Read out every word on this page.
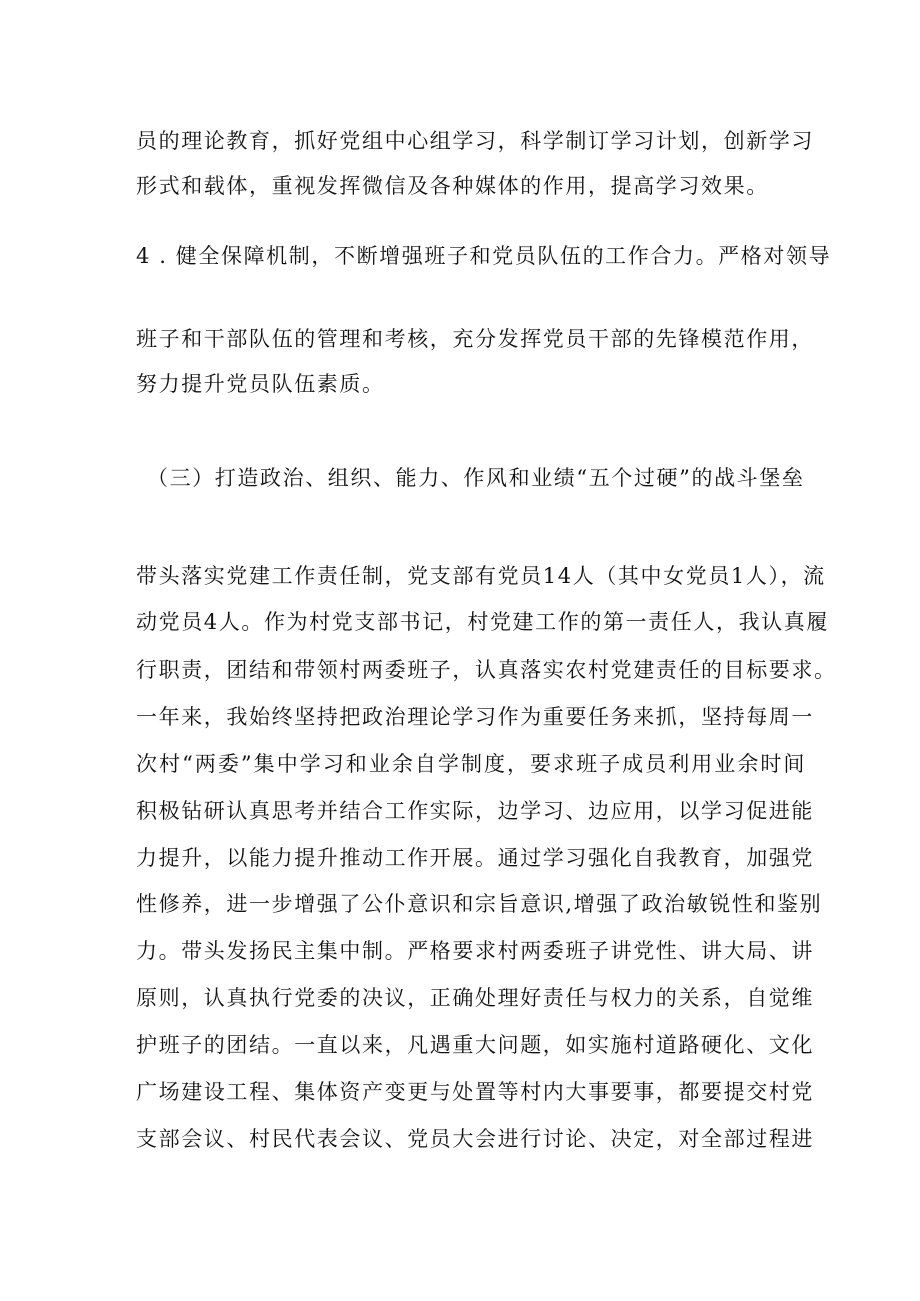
员的理论教育，抓好党组中心组学习，科学制订学习计划，创新学习
形式和载体，重视发挥微信及各种媒体的作用，提高学习效果。
4 . 健全保障机制，不断增强班子和党员队伍的工作合力。严格对领导
班子和干部队伍的管理和考核，充分发挥党员干部的先锋模范作用，
努力提升党员队伍素质。
（三）打造政治、组织、能力、作风和业绩“五个过硬”的战斗堡垒
带头落实党建工作责任制，党支部有党员14人（其中女党员1人），流
动党员4人。作为村党支部书记，村党建工作的第一责任人，我认真履
行职责，团结和带领村两委班子，认真落实农村党建责任的目标要求。
一年来，我始终坚持把政治理论学习作为重要任务来抓，坚持每周一
次村“两委”集中学习和业余自学制度，要求班子成员利用业余时间
积极钻研认真思考并结合工作实际，边学习、边应用，以学习促进能
力提升，以能力提升推动工作开展。通过学习强化自我教育，加强党
性修养，进一步增强了公仆意识和宗旨意识,增强了政治敏锐性和鉴别
力。带头发扬民主集中制。严格要求村两委班子讲党性、讲大局、讲
原则，认真执行党委的决议，正确处理好责任与权力的关系，自觉维
护班子的团结。一直以来，凡遇重大问题，如实施村道路硬化、文化
广场建设工程、集体资产变更与处置等村内大事要事，都要提交村党
支部会议、村民代表会议、党员大会进行讨论、决定，对全部过程进
